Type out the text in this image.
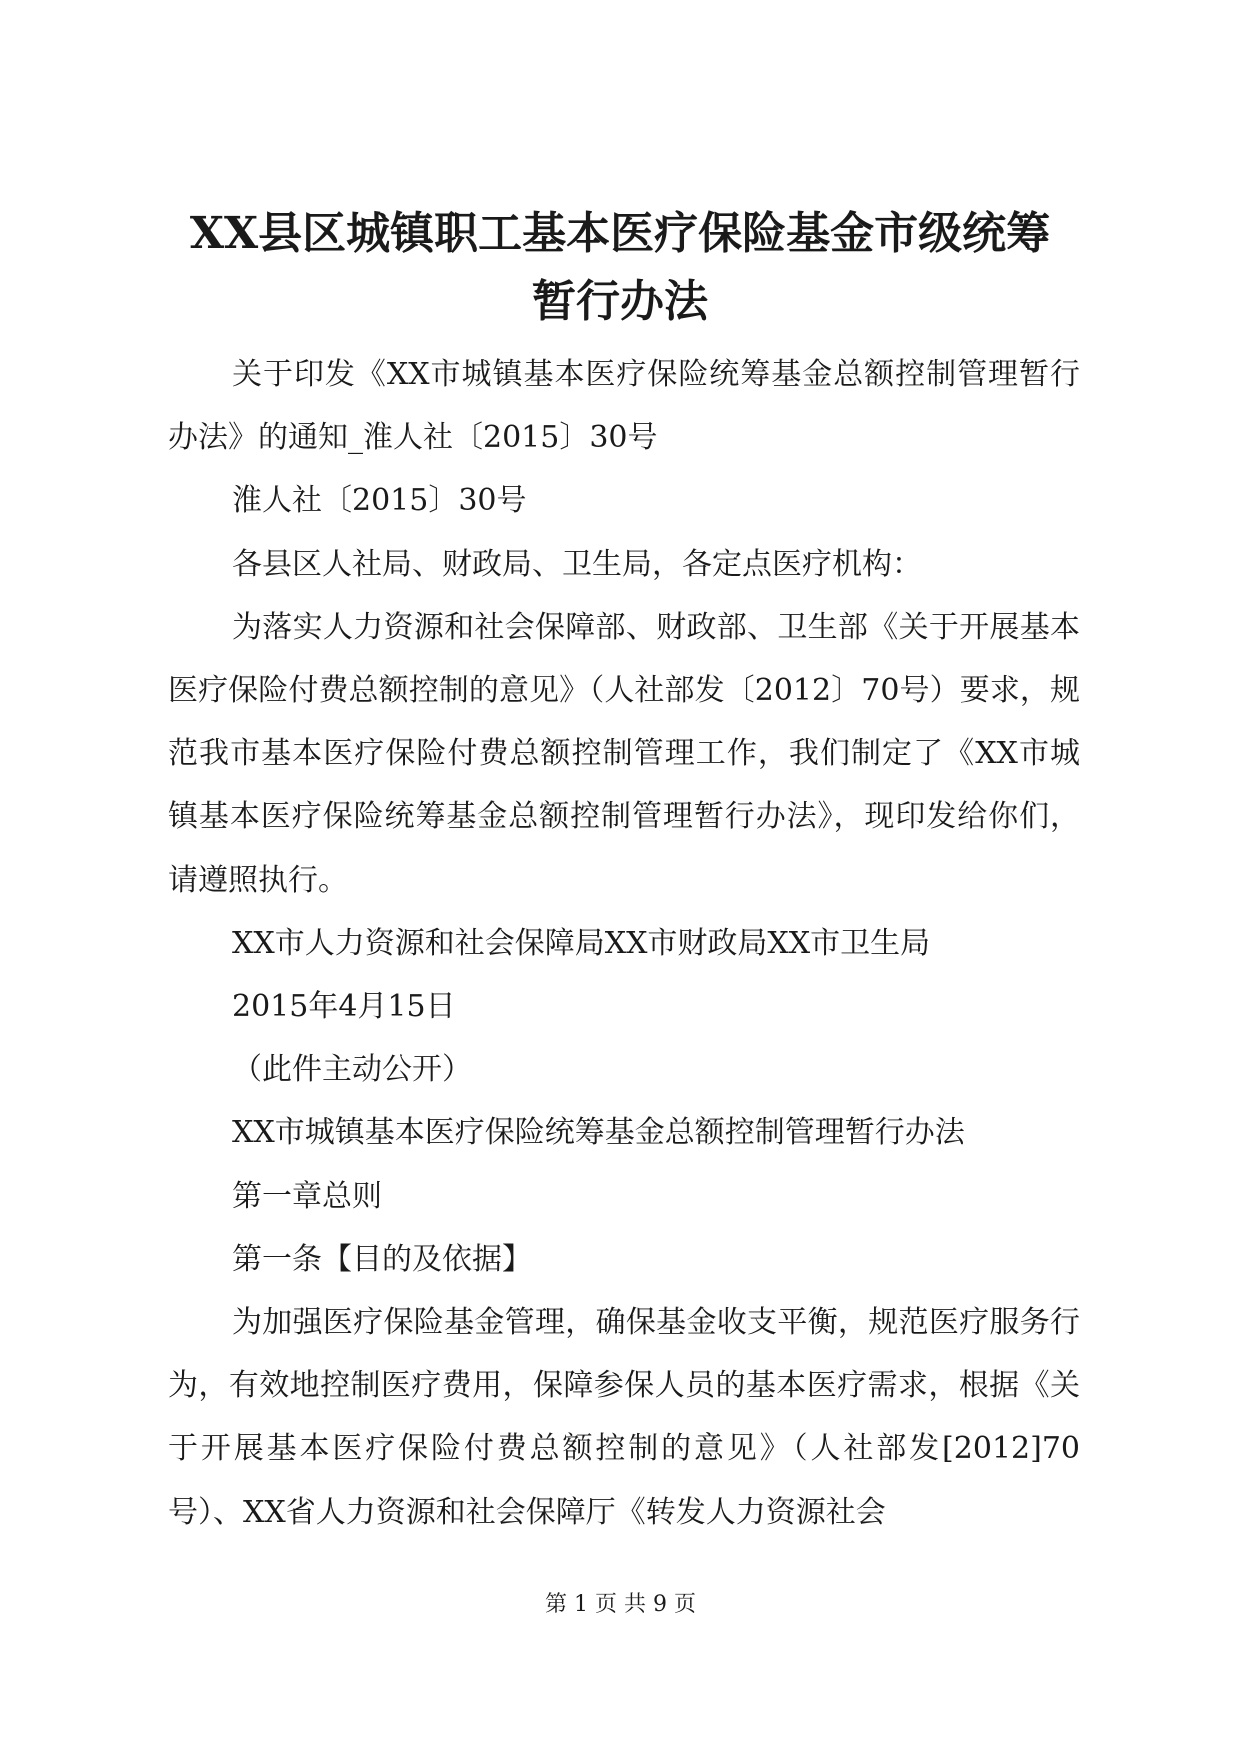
XX县区城镇职工基本医疗保险基金市级统筹
暂行办法

关于印发《XX市城镇基本医疗保险统筹基金总额控制管理暂行办法》的通知_淮人社〔2015〕30号

淮人社〔2015〕30号

各县区人社局、财政局、卫生局，各定点医疗机构：

为落实人力资源和社会保障部、财政部、卫生部《关于开展基本医疗保险付费总额控制的意见》（人社部发〔2012〕70号）要求，规范我市基本医疗保险付费总额控制管理工作，我们制定了《XX市城镇基本医疗保险统筹基金总额控制管理暂行办法》，现印发给你们，请遵照执行。

XX市人力资源和社会保障局XX市财政局XX市卫生局

2015年4月15日

（此件主动公开）

XX市城镇基本医疗保险统筹基金总额控制管理暂行办法

第一章总则

第一条【目的及依据】

为加强医疗保险基金管理，确保基金收支平衡，规范医疗服务行为，有效地控制医疗费用，保障参保人员的基本医疗需求，根据《关于开展基本医疗保险付费总额控制的意见》（人社部发[2012]70号）、XX省人力资源和社会保障厅《转发人力资源社会

第 1 页 共 9 页
